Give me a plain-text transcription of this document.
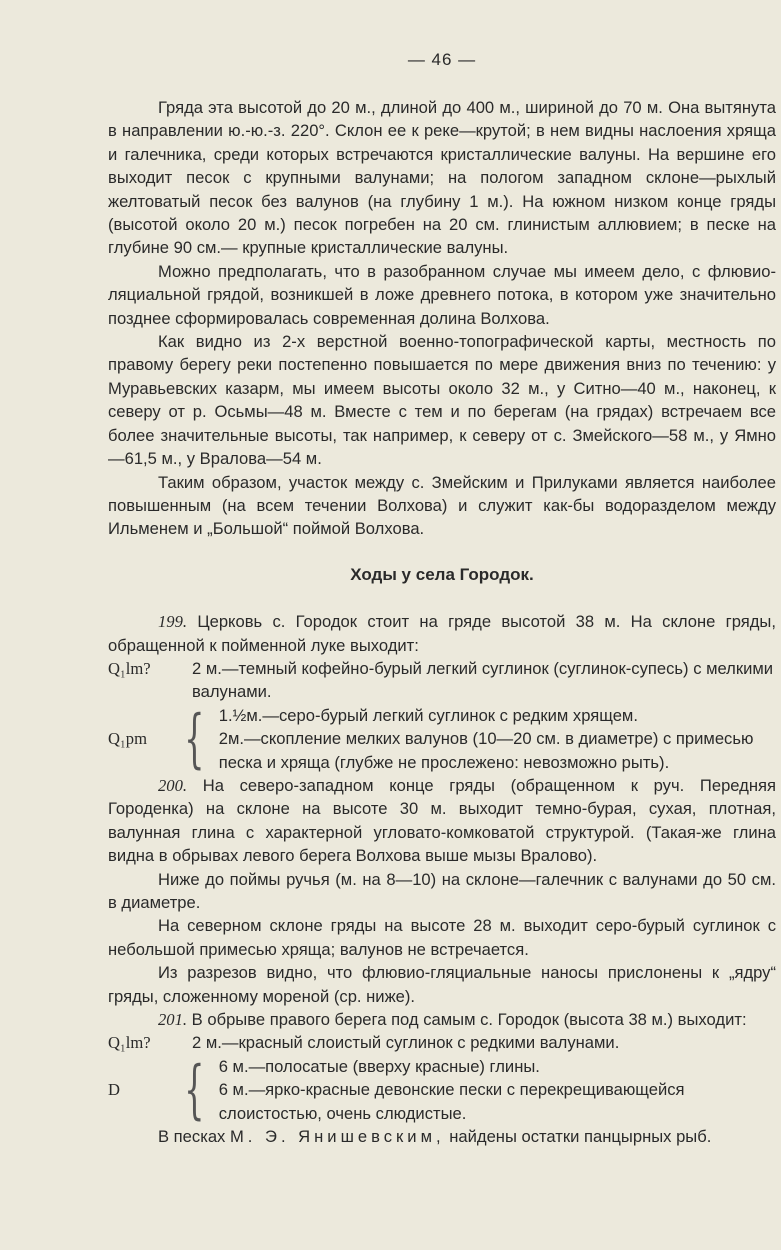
— 46 —

Гряда эта высотой до 20 м., длиной до 400 м., шириной до 70 м. Она вытянута в направлении ю.-ю.-з. 220°. Склон ее к реке—крутой; в нем видны наслоения хряща и галечника, среди которых встречаются кристаллические валуны. На вершине его выходит песок с крупными валунами; на пологом западном склоне—рыхлый желтоватый песок без валунов (на глубину 1 м.). На южном низком конце гряды (высотой около 20 м.) песок погребен на 20 см. глинистым аллювием; в песке на глубине 90 см.— крупные кристаллические валуны.

Можно предполагать, что в разобранном случае мы имеем дело, с флювио-ляциальной грядой, возникшей в ложе древнего потока, в котором уже значительно позднее сформировалась современная долина Волхова.

Как видно из 2-х верстной военно-топографической карты, местность по правому берегу реки постепенно повышается по мере движения вниз по течению: у Муравьевских казарм, мы имеем высоты около 32 м., у Ситно—40 м., наконец, к северу от р. Осьмы—48 м. Вместе с тем и по берегам (на грядах) встречаем все более значительные высоты, так например, к северу от с. Змейского—58 м., у Ямно—61,5 м., у Вралова—54 м.

Таким образом, участок между с. Змейским и Прилуками является наиболее повышенным (на всем течении Волхова) и служит как-бы водоразделом между Ильменем и „Большой“ поймой Волхова.

Ходы у села Городок.

199. Церковь с. Городок стоит на гряде высотой 38 м. На склоне гряды, обращенной к пойменной луке выходит:

Q₁lm?	2 м.—темный кофейно-бурый легкий суглинок (суглинок-супесь) с мелкими валунами.
Q₁pm { 1.½м.—серо-бурый легкий суглинок с редким хрящем.
2м.—скопление мелких валунов (10—20 см. в диаметре) с примесью песка и хряща (глубже не прослежено: невозможно рыть).

200. На северо-западном конце гряды (обращенном к руч. Передняя Городенка) на склоне на высоте 30 м. выходит темно-бурая, сухая, плотная, валунная глина с характерной угловато-комковатой структурой. (Такая-же глина видна в обрывах левого берега Волхова выше мызы Вралово).

Ниже до поймы ручья (м. на 8—10) на склоне—галечник с валунами до 50 см. в диаметре.

На северном склоне гряды на высоте 28 м. выходит серо-бурый суглинок с небольшой примесью хряща; валунов не встречается.

Из разрезов видно, что флювио-гляциальные наносы прислонены к „ядру“ гряды, сложенному мореной (ср. ниже).

201. В обрыве правого берега под самым с. Городок (высота 38 м.) выходит:

Q₁lm?	2 м.—красный слоистый суглинок с редкими валунами.
D	{ 6 м.—полосатые (вверху красные) глины.
6 м.—ярко-красные девонские пески с перекрещивающейся слоистостью, очень слюдистые.

В песках М. Э. Янишевским, найдены остатки панцырных рыб.
